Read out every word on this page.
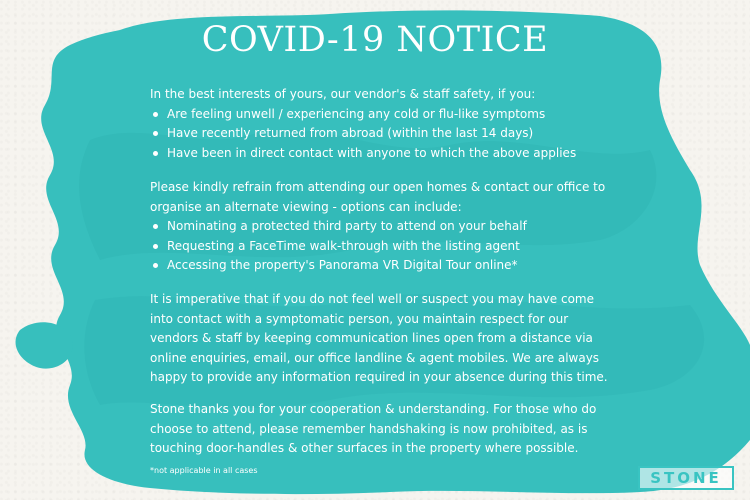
COVID-19 NOTICE

In the best interests of yours, our vendor's & staff safety, if you:

Are feeling unwell / experiencing any cold or flu-like symptoms
Have recently returned from abroad (within the last 14 days)
Have been in direct contact with anyone to which the above applies

Please kindly refrain from attending our open homes & contact our office to organise an alternate viewing - options can include:

Nominating a protected third party to attend on your behalf
Requesting a FaceTime walk-through with the listing agent
Accessing the property's Panorama VR Digital Tour online*

It is imperative that if you do not feel well or suspect you may have come into contact with a symptomatic person, you maintain respect for our vendors & staff by keeping communication lines open from a distance via online enquiries, email, our office landline & agent mobiles. We are always happy to provide any information required in your absence during this time.

Stone thanks you for your cooperation & understanding. For those who do choose to attend, please remember handshaking is now prohibited, as is touching door-handles & other surfaces in the property where possible.

*not applicable in all cases	STONE
